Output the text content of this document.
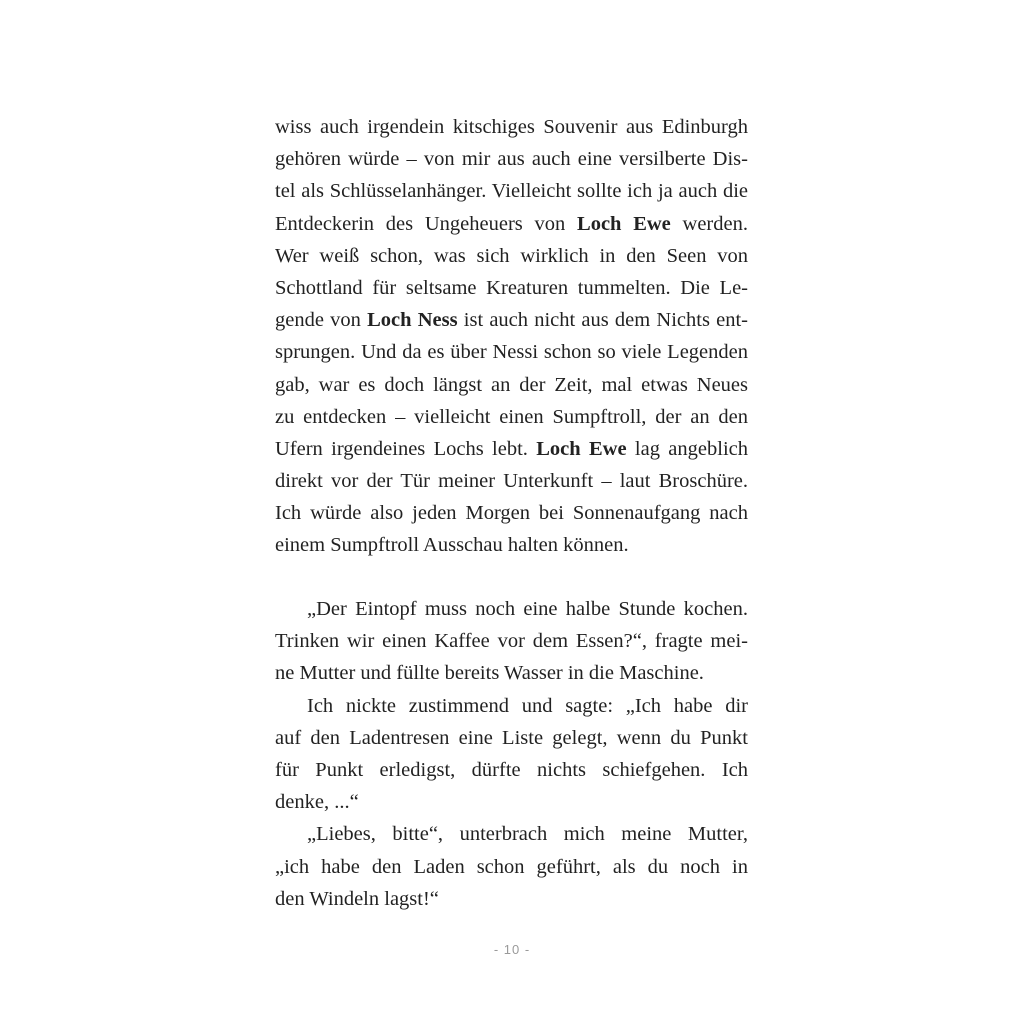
wiss auch irgendein kitschiges Souvenir aus Edinburgh
gehören würde – von mir aus auch eine versilberte Dis-
tel als Schlüsselanhänger. Vielleicht sollte ich ja auch die
Entdeckerin des Ungeheuers von Loch Ewe werden.
Wer weiß schon, was sich wirklich in den Seen von
Schottland für seltsame Kreaturen tummelten. Die Le-
gende von Loch Ness ist auch nicht aus dem Nichts ent-
sprungen. Und da es über Nessi schon so viele Legenden
gab, war es doch längst an der Zeit, mal etwas Neues
zu entdecken – vielleicht einen Sumpftroll, der an den
Ufern irgendeines Lochs lebt. Loch Ewe lag angeblich
direkt vor der Tür meiner Unterkunft – laut Broschüre.
Ich würde also jeden Morgen bei Sonnenaufgang nach
einem Sumpftroll Ausschau halten können.
„Der Eintopf muss noch eine halbe Stunde kochen.
Trinken wir einen Kaffee vor dem Essen?“, fragte mei-
ne Mutter und füllte bereits Wasser in die Maschine.
Ich nickte zustimmend und sagte: „Ich habe dir
auf den Ladentresen eine Liste gelegt, wenn du Punkt
für Punkt erledigst, dürfte nichts schiefgehen. Ich
denke, ...“
„Liebes, bitte“, unterbrach mich meine Mutter,
„ich habe den Laden schon geführt, als du noch in
den Windeln lagst!“
- 10 -
